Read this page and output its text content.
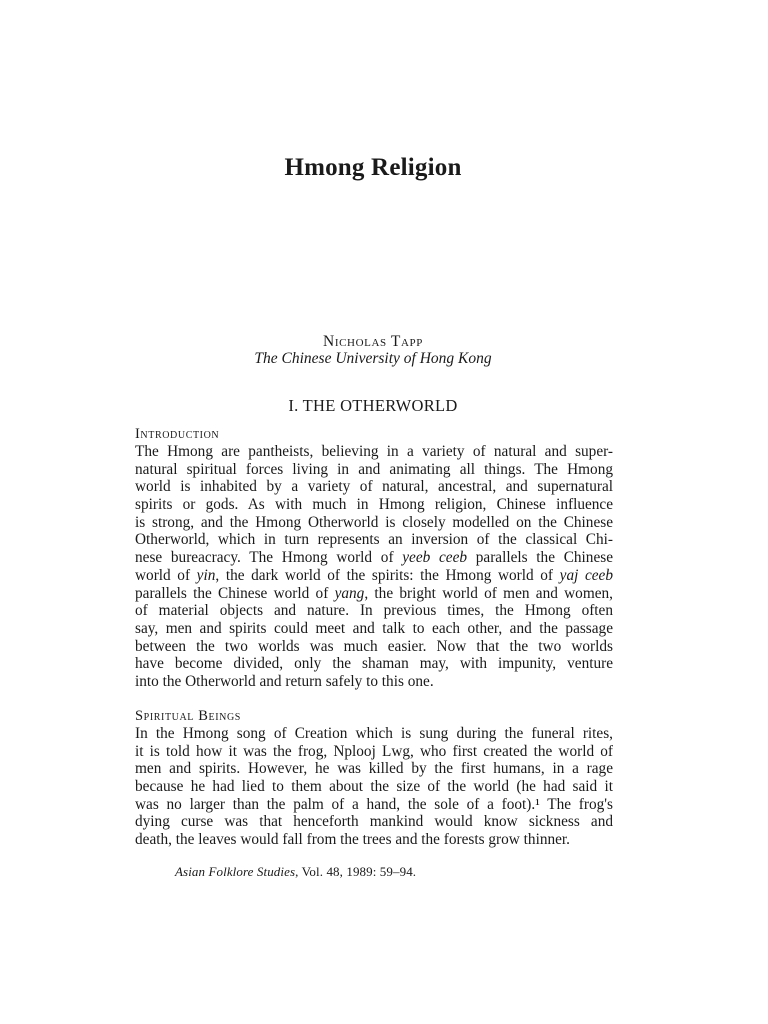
Hmong Religion
Nicholas Tapp
The Chinese University of Hong Kong
I. THE OTHERWORLD
Introduction
The Hmong are pantheists, believing in a variety of natural and super-
natural spiritual forces living in and animating all things. The Hmong
world is inhabited by a variety of natural, ancestral, and supernatural
spirits or gods. As with much in Hmong religion, Chinese influence
is strong, and the Hmong Otherworld is closely modelled on the Chinese
Otherworld, which in turn represents an inversion of the classical Chi-
nese bureacracy. The Hmong world of yeeb ceeb parallels the Chinese
world of yin, the dark world of the spirits: the Hmong world of yaj ceeb
parallels the Chinese world of yang, the bright world of men and women,
of material objects and nature. In previous times, the Hmong often
say, men and spirits could meet and talk to each other, and the passage
between the two worlds was much easier. Now that the two worlds
have become divided, only the shaman may, with impunity, venture
into the Otherworld and return safely to this one.
Spiritual Beings
In the Hmong song of Creation which is sung during the funeral rites,
it is told how it was the frog, Nplooj Lwg, who first created the world of
men and spirits. However, he was killed by the first humans, in a rage
because he had lied to them about the size of the world (he had said it
was no larger than the palm of a hand, the sole of a foot).¹ The frog's
dying curse was that henceforth mankind would know sickness and
death, the leaves would fall from the trees and the forests grow thinner.
Asian Folklore Studies, Vol. 48, 1989: 59–94.
